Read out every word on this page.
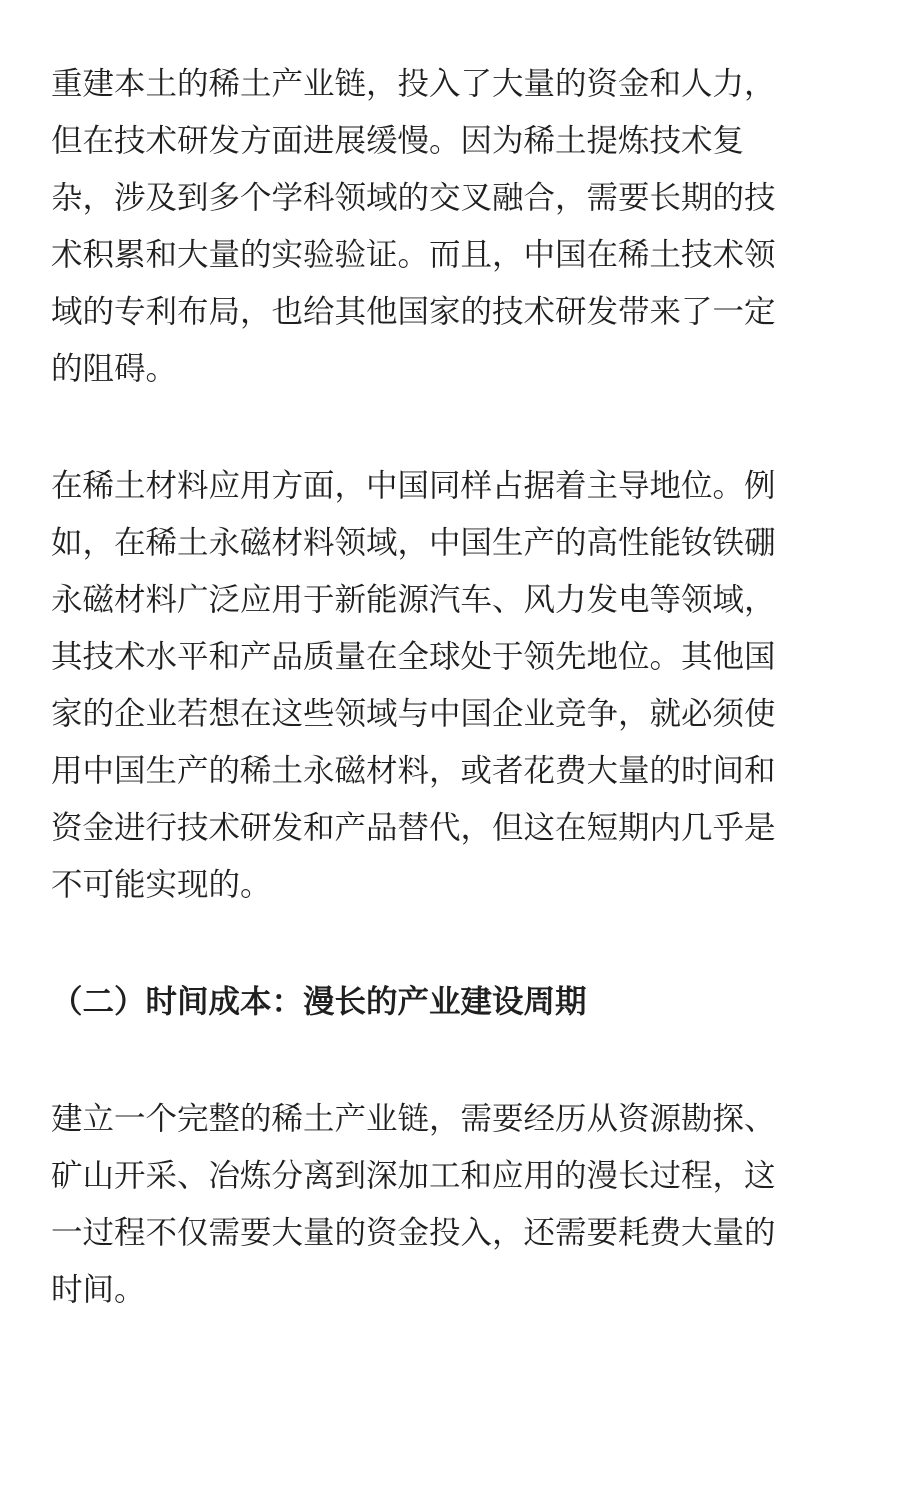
重建本土的稀土产业链，投入了大量的资金和人力，
但在技术研发方面进展缓慢。因为稀土提炼技术复
杂，涉及到多个学科领域的交叉融合，需要长期的技
术积累和大量的实验验证。而且，中国在稀土技术领
域的专利布局，也给其他国家的技术研发带来了一定
的阻碍。

在稀土材料应用方面，中国同样占据着主导地位。例
如，在稀土永磁材料领域，中国生产的高性能钕铁硼
永磁材料广泛应用于新能源汽车、风力发电等领域，
其技术水平和产品质量在全球处于领先地位。其他国
家的企业若想在这些领域与中国企业竞争，就必须使
用中国生产的稀土永磁材料，或者花费大量的时间和
资金进行技术研发和产品替代，但这在短期内几乎是
不可能实现的。

（二）时间成本：漫长的产业建设周期

建立一个完整的稀土产业链，需要经历从资源勘探、
矿山开采、冶炼分离到深加工和应用的漫长过程，这
一过程不仅需要大量的资金投入，还需要耗费大量的
时间。
